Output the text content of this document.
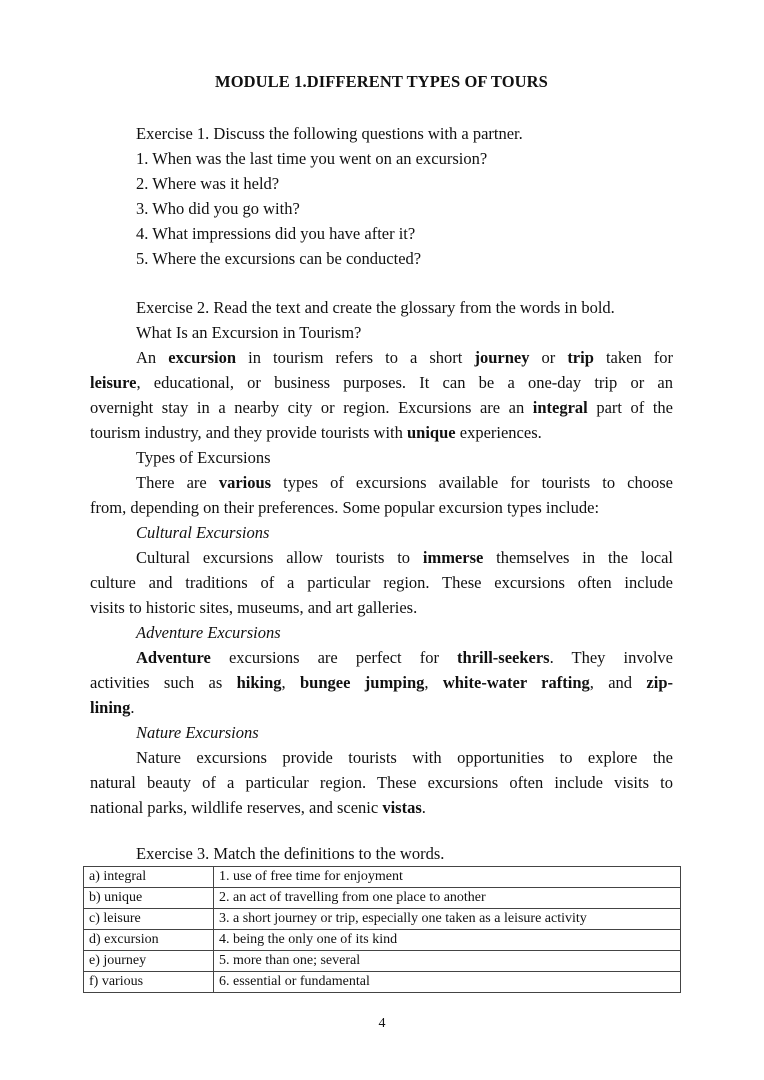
MODULE 1.DIFFERENT TYPES OF TOURS
Exercise 1. Discuss the following questions with a partner.
1. When was the last time you went on an excursion?
2. Where was it held?
3. Who did you go with?
4. What impressions did you have after it?
5. Where the excursions can be conducted?
Exercise 2. Read the text and create the glossary from the words in bold.
What Is an Excursion in Tourism?
An excursion in tourism refers to a short journey or trip taken for
leisure, educational, or business purposes. It can be a one-day trip or an
overnight stay in a nearby city or region. Excursions are an integral part of the
tourism industry, and they provide tourists with unique experiences.
Types of Excursions
There are various types of excursions available for tourists to choose
from, depending on their preferences. Some popular excursion types include:
Cultural Excursions
Cultural excursions allow tourists to immerse themselves in the local
culture and traditions of a particular region. These excursions often include
visits to historic sites, museums, and art galleries.
Adventure Excursions
Adventure excursions are perfect for thrill-seekers. They involve
activities such as hiking, bungee jumping, white-water rafting, and zip-
lining.
Nature Excursions
Nature excursions provide tourists with opportunities to explore the
natural beauty of a particular region. These excursions often include visits to
national parks, wildlife reserves, and scenic vistas.
Exercise 3. Match the definitions to the words.
a) integral	1. use of free time for enjoyment
b) unique	2. an act of travelling from one place to another
c) leisure	3. a short journey or trip, especially one taken as a leisure activity
d) excursion	4. being the only one of its kind
e) journey	5. more than one; several
f) various	6. essential or fundamental
4
